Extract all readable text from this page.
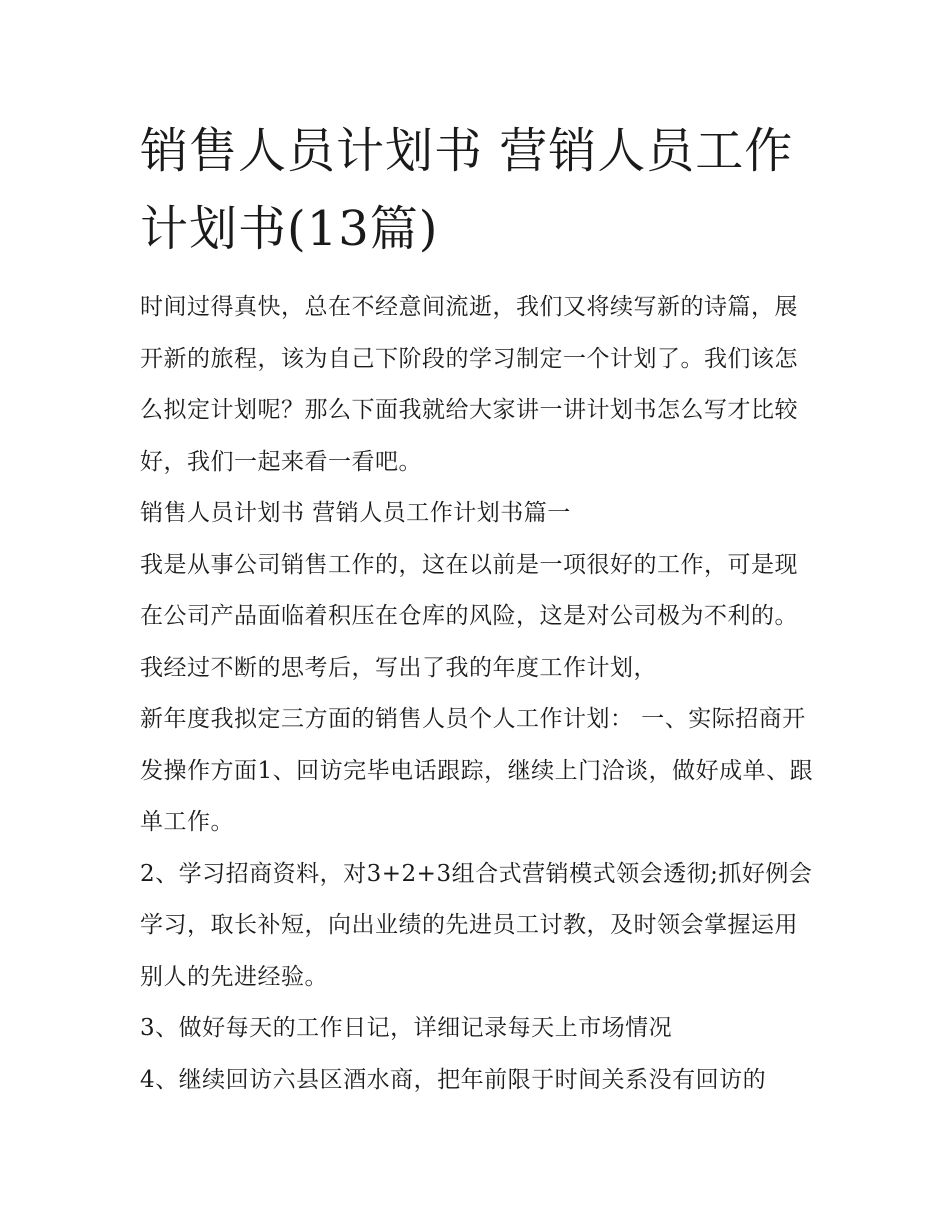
销售人员计划书 营销人员工作计划书(13篇)

时间过得真快，总在不经意间流逝，我们又将续写新的诗篇，展开新的旅程，该为自己下阶段的学习制定一个计划了。我们该怎么拟定计划呢？那么下面我就给大家讲一讲计划书怎么写才比较好，我们一起来看一看吧。

销售人员计划书 营销人员工作计划书篇一

我是从事公司销售工作的，这在以前是一项很好的工作，可是现在公司产品面临着积压在仓库的风险，这是对公司极为不利的。我经过不断的思考后，写出了我的年度工作计划，

新年度我拟定三方面的销售人员个人工作计划： 一、实际招商开发操作方面1、回访完毕电话跟踪，继续上门洽谈，做好成单、跟单工作。

2、学习招商资料，对3+2+3组合式营销模式领会透彻;抓好例会学习，取长补短，向出业绩的先进员工讨教，及时领会掌握运用别人的先进经验。

3、做好每天的工作日记，详细记录每天上市场情况

4、继续回访六县区酒水商，把年前限于时间关系没有回访的
